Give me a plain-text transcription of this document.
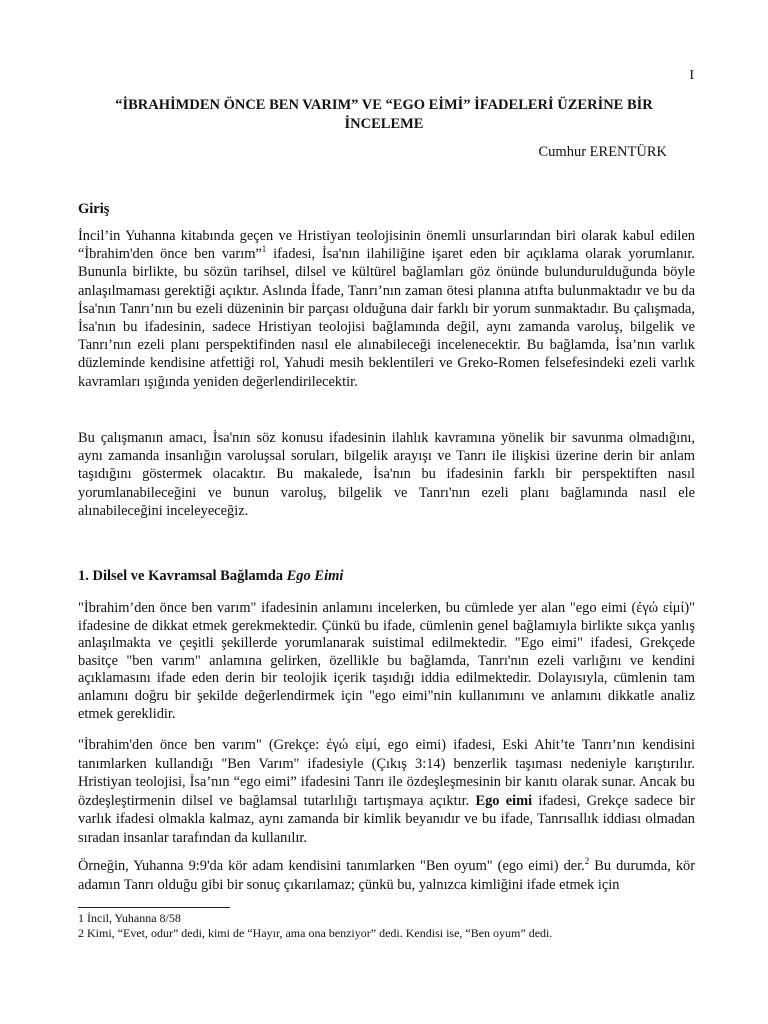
I
“İBRAHİMDEN ÖNCE BEN VARIM” VE “EGO EİMİ” İFADELERİ ÜZERİNE BİR İNCELEME
Cumhur ERENTÜRK
Giriş

İncil’in Yuhanna kitabında geçen ve Hristiyan teolojisinin önemli unsurlarından biri olarak kabul edilen “İbrahim'den önce ben varım”$^1$ ifadesi, İsa'nın ilahiliğine işaret eden bir açıklama olarak yorumlanır. Bununla birlikte, bu sözün tarihsel, dilsel ve kültürel bağlamları göz önünde bulundurulduğunda böyle anlaşılmaması gerektiği açıktır. Aslında İfade, Tanrı’nın zaman ötesi planına atıfta bulunmaktadır ve bu da İsa'nın Tanrı’nın bu ezeli düzeninin bir parçası olduğuna dair farklı bir yorum sunmaktadır. Bu çalışmada, İsa'nın bu ifadesinin, sadece Hristiyan teolojisi bağlamında değil, aynı zamanda varoluş, bilgelik ve Tanrı’nın ezeli planı perspektifinden nasıl ele alınabileceği incelenecektir. Bu bağlamda, İsa’nın varlık düzleminde kendisine atfettiği rol, Yahudi mesih beklentileri ve Greko-Romen felsefesindeki ezeli varlık kavramları ışığında yeniden değerlendirilecektir.

Bu çalışmanın amacı, İsa'nın söz konusu ifadesinin ilahlık kavramına yönelik bir savunma olmadığını, aynı zamanda insanlığın varoluşsal soruları, bilgelik arayışı ve Tanrı ile ilişkisi üzerine derin bir anlam taşıdığını göstermek olacaktır. Bu makalede, İsa'nın bu ifadesinin farklı bir perspektiften nasıl yorumlanabileceğini ve bunun varoluş, bilgelik ve Tanrı'nın ezeli planı bağlamında nasıl ele alınabileceğini inceleyeceğiz.

1. Dilsel ve Kavramsal Bağlamda Ego Eimi

"İbrahim’den önce ben varım" ifadesinin anlamını incelerken, bu cümlede yer alan "ego eimi (ἐγώ εἰμί)" ifadesine de dikkat etmek gerekmektedir. Çünkü bu ifade, cümlenin genel bağlamıyla birlikte sıkça yanlış anlaşılmakta ve çeşitli şekillerde yorumlanarak suistimal edilmektedir. "Ego eimi" ifadesi, Grekçede basitçe "ben varım" anlamına gelirken, özellikle bu bağlamda, Tanrı'nın ezeli varlığını ve kendini açıklamasını ifade eden derin bir teolojik içerik taşıdığı iddia edilmektedir. Dolayısıyla, cümlenin tam anlamını doğru bir şekilde değerlendirmek için "ego eimi"nin kullanımını ve anlamını dikkatle analiz etmek gereklidir.

"İbrahim'den önce ben varım" (Grekçe: ἐγώ εἰμί, ego eimi) ifadesi, Eski Ahit’te Tanrı’nın kendisini tanımlarken kullandığı "Ben Varım" ifadesiyle (Çıkış 3:14) benzerlik taşıması nedeniyle karıştırılır. Hristiyan teolojisi, İsa’nın “ego eimi” ifadesini Tanrı ile özdeşleşmesinin bir kanıtı olarak sunar. Ancak bu özdeşleştirmenin dilsel ve bağlamsal tutarlılığı tartışmaya açıktır. Ego eimi ifadesi, Grekçe sadece bir varlık ifadesi olmakla kalmaz, aynı zamanda bir kimlik beyanıdır ve bu ifade, Tanrısallık iddiası olmadan sıradan insanlar tarafından da kullanılır.

Örneğin, Yuhanna 9:9'da kör adam kendisini tanımlarken "Ben oyum" (ego eimi) der.$^2$ Bu durumda, kör adamın Tanrı olduğu gibi bir sonuç çıkarılamaz; çünkü bu, yalnızca kimliğini ifade etmek için

1 İncil, Yuhanna 8/58
2 Kimi, “Evet, odur” dedi, kimi de “Hayır, ama ona benziyor” dedi. Kendisi ise, “Ben oyum” dedi.
